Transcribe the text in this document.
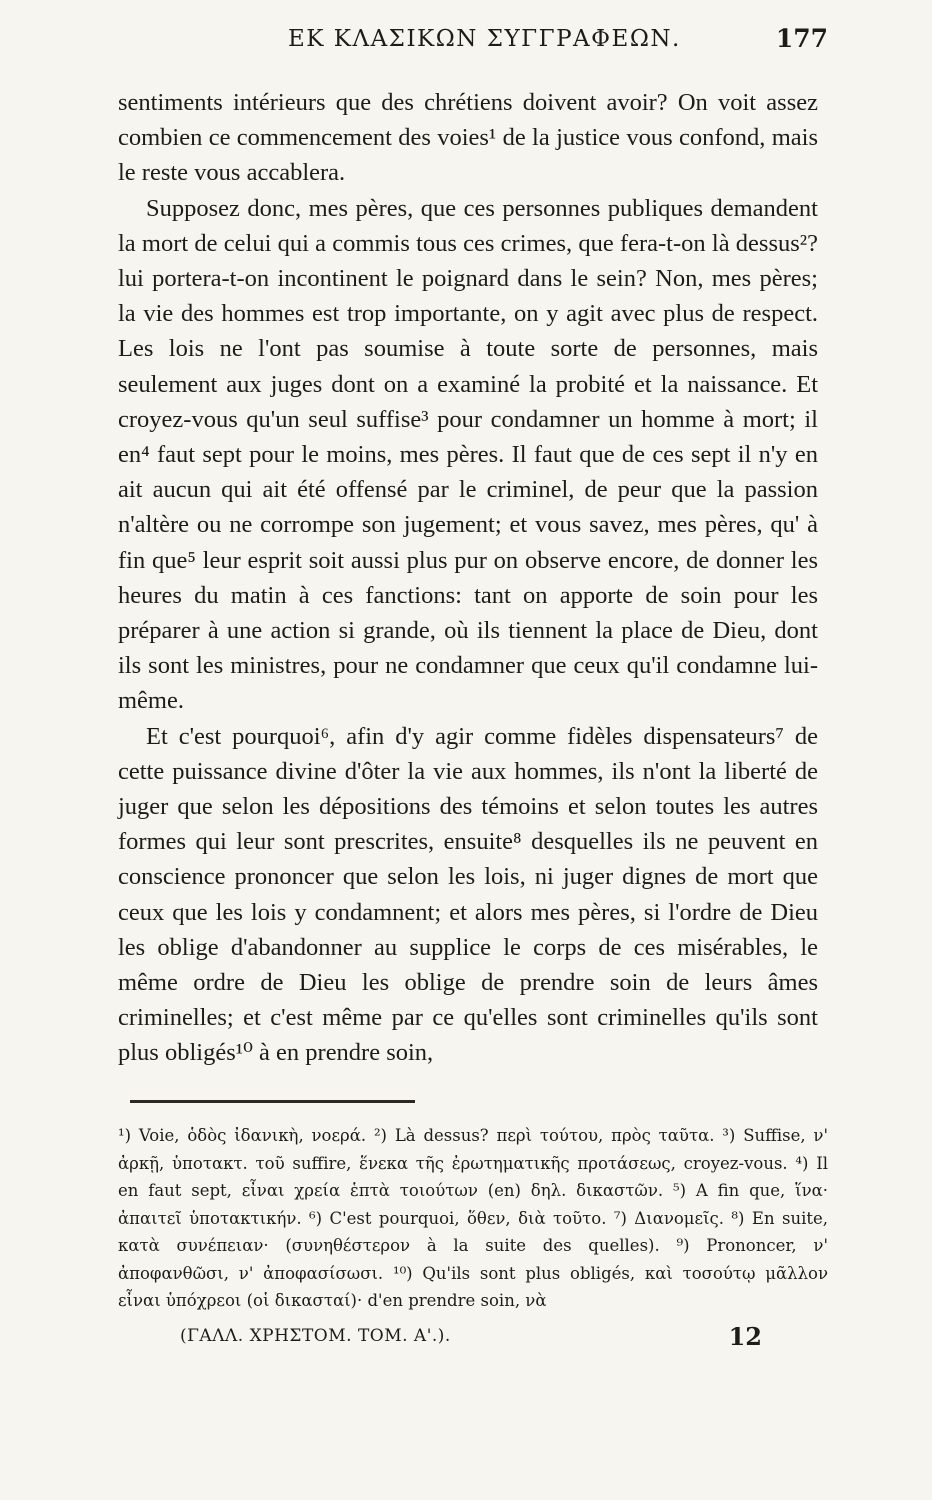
ΕΚ ΚΛΑΣΙΚΩΝ ΣΥΓΓΡΑΦΕΩΝ.	177

sentiments intérieurs que des chrétiens doivent avoir? On voit assez combien ce commencement des voies¹ de la justice vous confond, mais le reste vous accablera.

Supposez donc, mes pères, que ces personnes publiques demandent la mort de celui qui a commis tous ces crimes, que fera-t-on là dessus²? lui portera-t-on incontinent le poignard dans le sein? Non, mes pères; la vie des hommes est trop importante, on y agit avec plus de respect. Les lois ne l'ont pas soumise à toute sorte de personnes, mais seulement aux juges dont on a examiné la probité et la naissance. Et croyez-vous qu'un seul suffise³ pour condamner un homme à mort; il en⁴ faut sept pour le moins, mes pères. Il faut que de ces sept il n'y en ait aucun qui ait été offensé par le criminel, de peur que la passion n'altère ou ne corrompe son jugement; et vous savez, mes pères, qu' à fin que⁵ leur esprit soit aussi plus pur on observe encore, de donner les heures du matin à ces fanctions: tant on apporte de soin pour les préparer à une action si grande, où ils tiennent la place de Dieu, dont ils sont les ministres, pour ne condamner que ceux qu'il condamne lui-même.

Et c'est pourquoi⁶, afin d'y agir comme fidèles dispensateurs⁷ de cette puissance divine d'ôter la vie aux hommes, ils n'ont la liberté de juger que selon les dépositions des témoins et selon toutes les autres formes qui leur sont prescrites, ensuite⁸ desquelles ils ne peuvent en conscience prononcer que selon les lois, ni juger dignes de mort que ceux que les lois y condamnent; et alors mes pères, si l'ordre de Dieu les oblige d'abandonner au supplice le corps de ces misérables, le même ordre de Dieu les oblige de prendre soin de leurs âmes criminelles; et c'est même par ce qu'elles sont criminelles qu'ils sont plus obligés¹⁰ à en prendre soin,

¹) Voie, ὁδὸς ἰδανικὴ, νοερά. ²) Là dessus? περὶ τούτου, πρὸς ταῦτα. ³) Suffise, ν' ἀρκῇ, ὑποτακτ. τοῦ suffire, ἕνεκα τῆς ἐρωτηματικῆς προτάσεως, croyez-vous. ⁴) Il en faut sept, εἶναι χρεία ἑπτὰ τοιούτων (en) δηλ. δικαστῶν. ⁵) A fin que, ἵνα· ἀπαιτεῖ ὑποτακτικήν. ⁶) C'est pourquoi, ὅθεν, διὰ τοῦτο. ⁷) Διανομεῖς. ⁸) En suite, κατὰ συνέπειαν· (συνηθέστερον à la suite des quelles). ⁹) Prononcer, ν' ἀποφανθῶσι, ν' ἀποφασίσωσι. ¹⁰) Qu'ils sont plus obligés, καὶ τοσούτῳ μᾶλλον εἶναι ὑπόχρεοι (οἱ δικασταί)· d'en prendre soin, νὰ

(ΓΑΛΛ. ΧΡΗΣΤΟΜ. ΤΟΜ. Α'.).	12
